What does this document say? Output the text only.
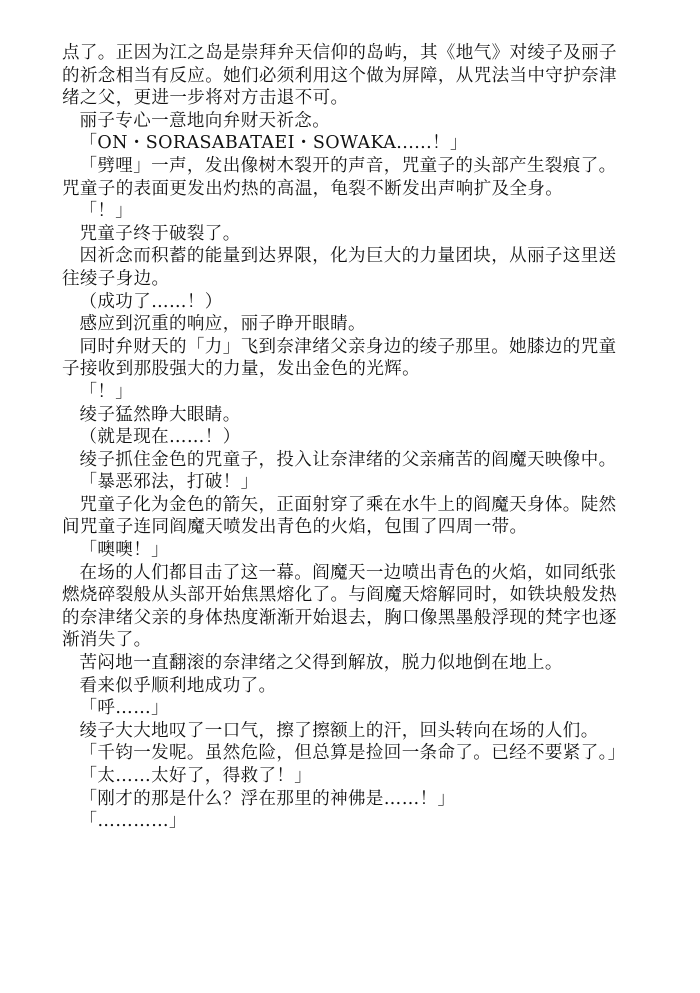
点了。正因为江之岛是崇拜弁天信仰的岛屿，其《地气》对绫子及丽子的祈念相当有反应。她们必须利用这个做为屏障，从咒法当中守护奈津绪之父，更进一步将对方击退不可。

丽子专心一意地向弁财天祈念。

「ON・SORASABATAEI・SOWAKA......！」

「劈哩」一声，发出像树木裂开的声音，咒童子的头部产生裂痕了。咒童子的表面更发出灼热的高温，龟裂不断发出声响扩及全身。

「！」

咒童子终于破裂了。

因祈念而积蓄的能量到达界限，化为巨大的力量团块，从丽子这里送往绫子身边。

（成功了……！）

感应到沉重的响应，丽子睁开眼睛。

同时弁财天的「力」飞到奈津绪父亲身边的绫子那里。她膝边的咒童子接收到那股强大的力量，发出金色的光辉。

「！」

绫子猛然睁大眼睛。

（就是现在……！）

绫子抓住金色的咒童子，投入让奈津绪的父亲痛苦的阎魔天映像中。

「暴恶邪法，打破！」

咒童子化为金色的箭矢，正面射穿了乘在水牛上的阎魔天身体。陡然间咒童子连同阎魔天喷发出青色的火焰，包围了四周一带。

「噢噢！」

在场的人们都目击了这一幕。阎魔天一边喷出青色的火焰，如同纸张燃烧碎裂般从头部开始焦黑熔化了。与阎魔天熔解同时，如铁块般发热的奈津绪父亲的身体热度渐渐开始退去，胸口像黑墨般浮现的梵字也逐渐消失了。

苦闷地一直翻滚的奈津绪之父得到解放，脱力似地倒在地上。

看来似乎顺利地成功了。

「呼……」

绫子大大地叹了一口气，擦了擦额上的汗，回头转向在场的人们。

「千钧一发呢。虽然危险，但总算是捡回一条命了。已经不要紧了。」

「太……太好了，得救了！」

「刚才的那是什么？浮在那里的神佛是……！」

「…………」
